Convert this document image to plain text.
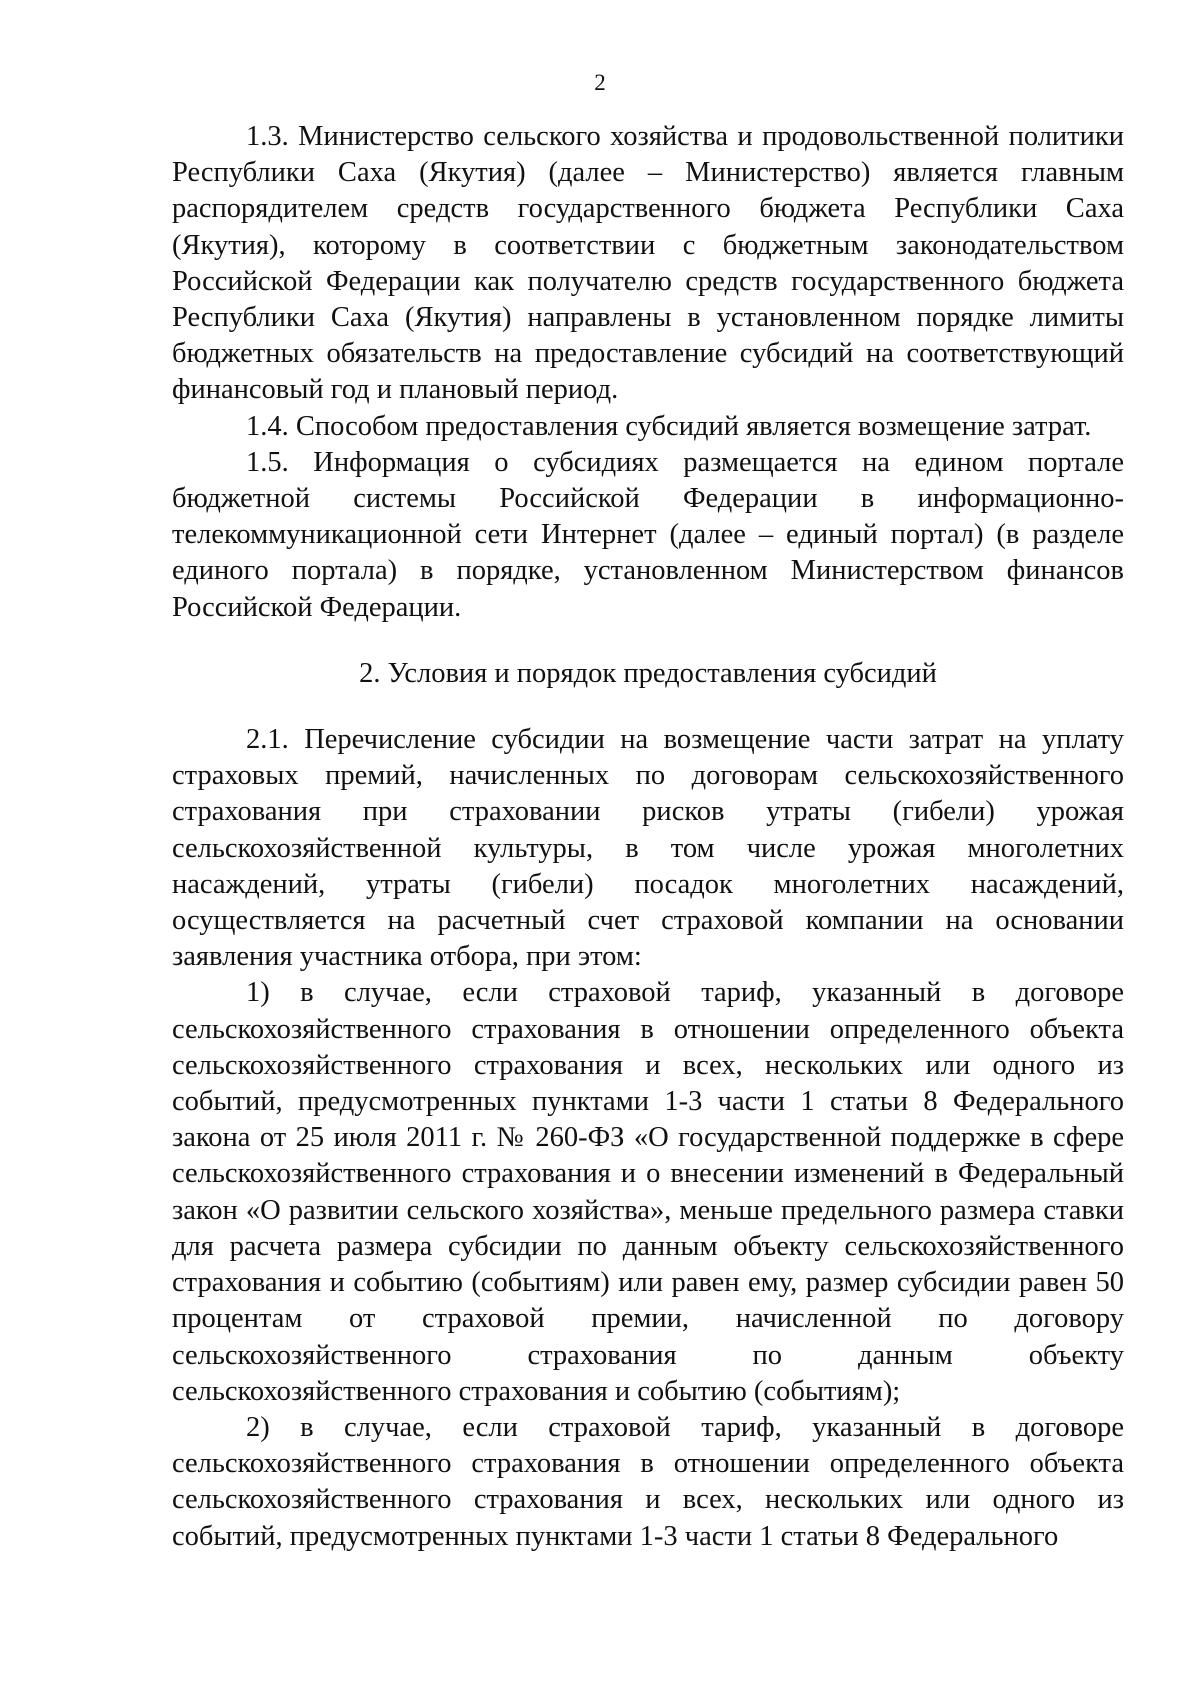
2

1.3. Министерство сельского хозяйства и продовольственной политики Республики Саха (Якутия) (далее – Министерство) является главным распорядителем средств государственного бюджета Республики Саха (Якутия), которому в соответствии с бюджетным законодательством Российской Федерации как получателю средств государственного бюджета Республики Саха (Якутия) направлены в установленном порядке лимиты бюджетных обязательств на предоставление субсидий на соответствующий финансовый год и плановый период.

1.4. Способом предоставления субсидий является возмещение затрат.

1.5. Информация о субсидиях размещается на едином портале бюджетной системы Российской Федерации в информационно-телекоммуникационной сети Интернет (далее – единый портал) (в разделе единого портала) в порядке, установленном Министерством финансов Российской Федерации.

2. Условия и порядок предоставления субсидий

2.1. Перечисление субсидии на возмещение части затрат на уплату страховых премий, начисленных по договорам сельскохозяйственного страхования при страховании рисков утраты (гибели) урожая сельскохозяйственной культуры, в том числе урожая многолетних насаждений, утраты (гибели) посадок многолетних насаждений, осуществляется на расчетный счет страховой компании на основании заявления участника отбора, при этом:

1) в случае, если страховой тариф, указанный в договоре сельскохозяйственного страхования в отношении определенного объекта сельскохозяйственного страхования и всех, нескольких или одного из событий, предусмотренных пунктами 1-3 части 1 статьи 8 Федерального закона от 25 июля 2011 г. № 260-ФЗ «О государственной поддержке в сфере сельскохозяйственного страхования и о внесении изменений в Федеральный закон «О развитии сельского хозяйства», меньше предельного размера ставки для расчета размера субсидии по данным объекту сельскохозяйственного страхования и событию (событиям) или равен ему, размер субсидии равен 50 процентам от страховой премии, начисленной по договору сельскохозяйственного страхования по данным объекту сельскохозяйственного страхования и событию (событиям);

2) в случае, если страховой тариф, указанный в договоре сельскохозяйственного страхования в отношении определенного объекта сельскохозяйственного страхования и всех, нескольких или одного из событий, предусмотренных пунктами 1-3 части 1 статьи 8 Федерального
